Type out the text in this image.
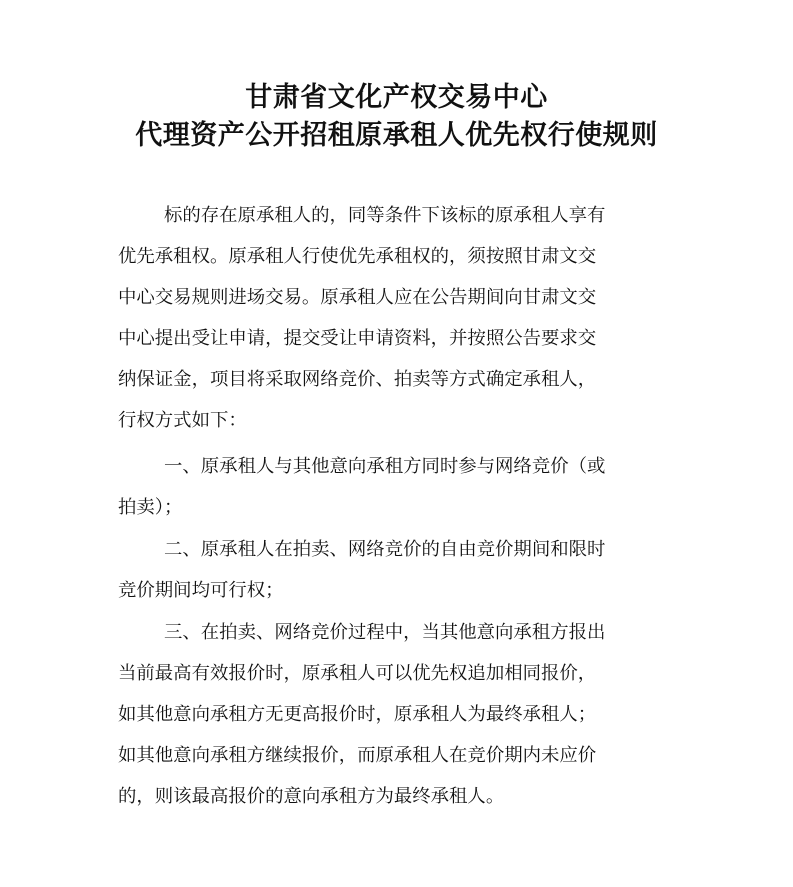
甘肃省文化产权交易中心
代理资产公开招租原承租人优先权行使规则
标的存在原承租人的，同等条件下该标的原承租人享有
优先承租权。原承租人行使优先承租权的，须按照甘肃文交
中心交易规则进场交易。原承租人应在公告期间向甘肃文交
中心提出受让申请，提交受让申请资料，并按照公告要求交
纳保证金，项目将采取网络竞价、拍卖等方式确定承租人，
行权方式如下：
一、原承租人与其他意向承租方同时参与网络竞价（或
拍卖）；
二、原承租人在拍卖、网络竞价的自由竞价期间和限时
竞价期间均可行权；
三、在拍卖、网络竞价过程中，当其他意向承租方报出
当前最高有效报价时，原承租人可以优先权追加相同报价，
如其他意向承租方无更高报价时，原承租人为最终承租人；
如其他意向承租方继续报价，而原承租人在竞价期内未应价
的，则该最高报价的意向承租方为最终承租人。
